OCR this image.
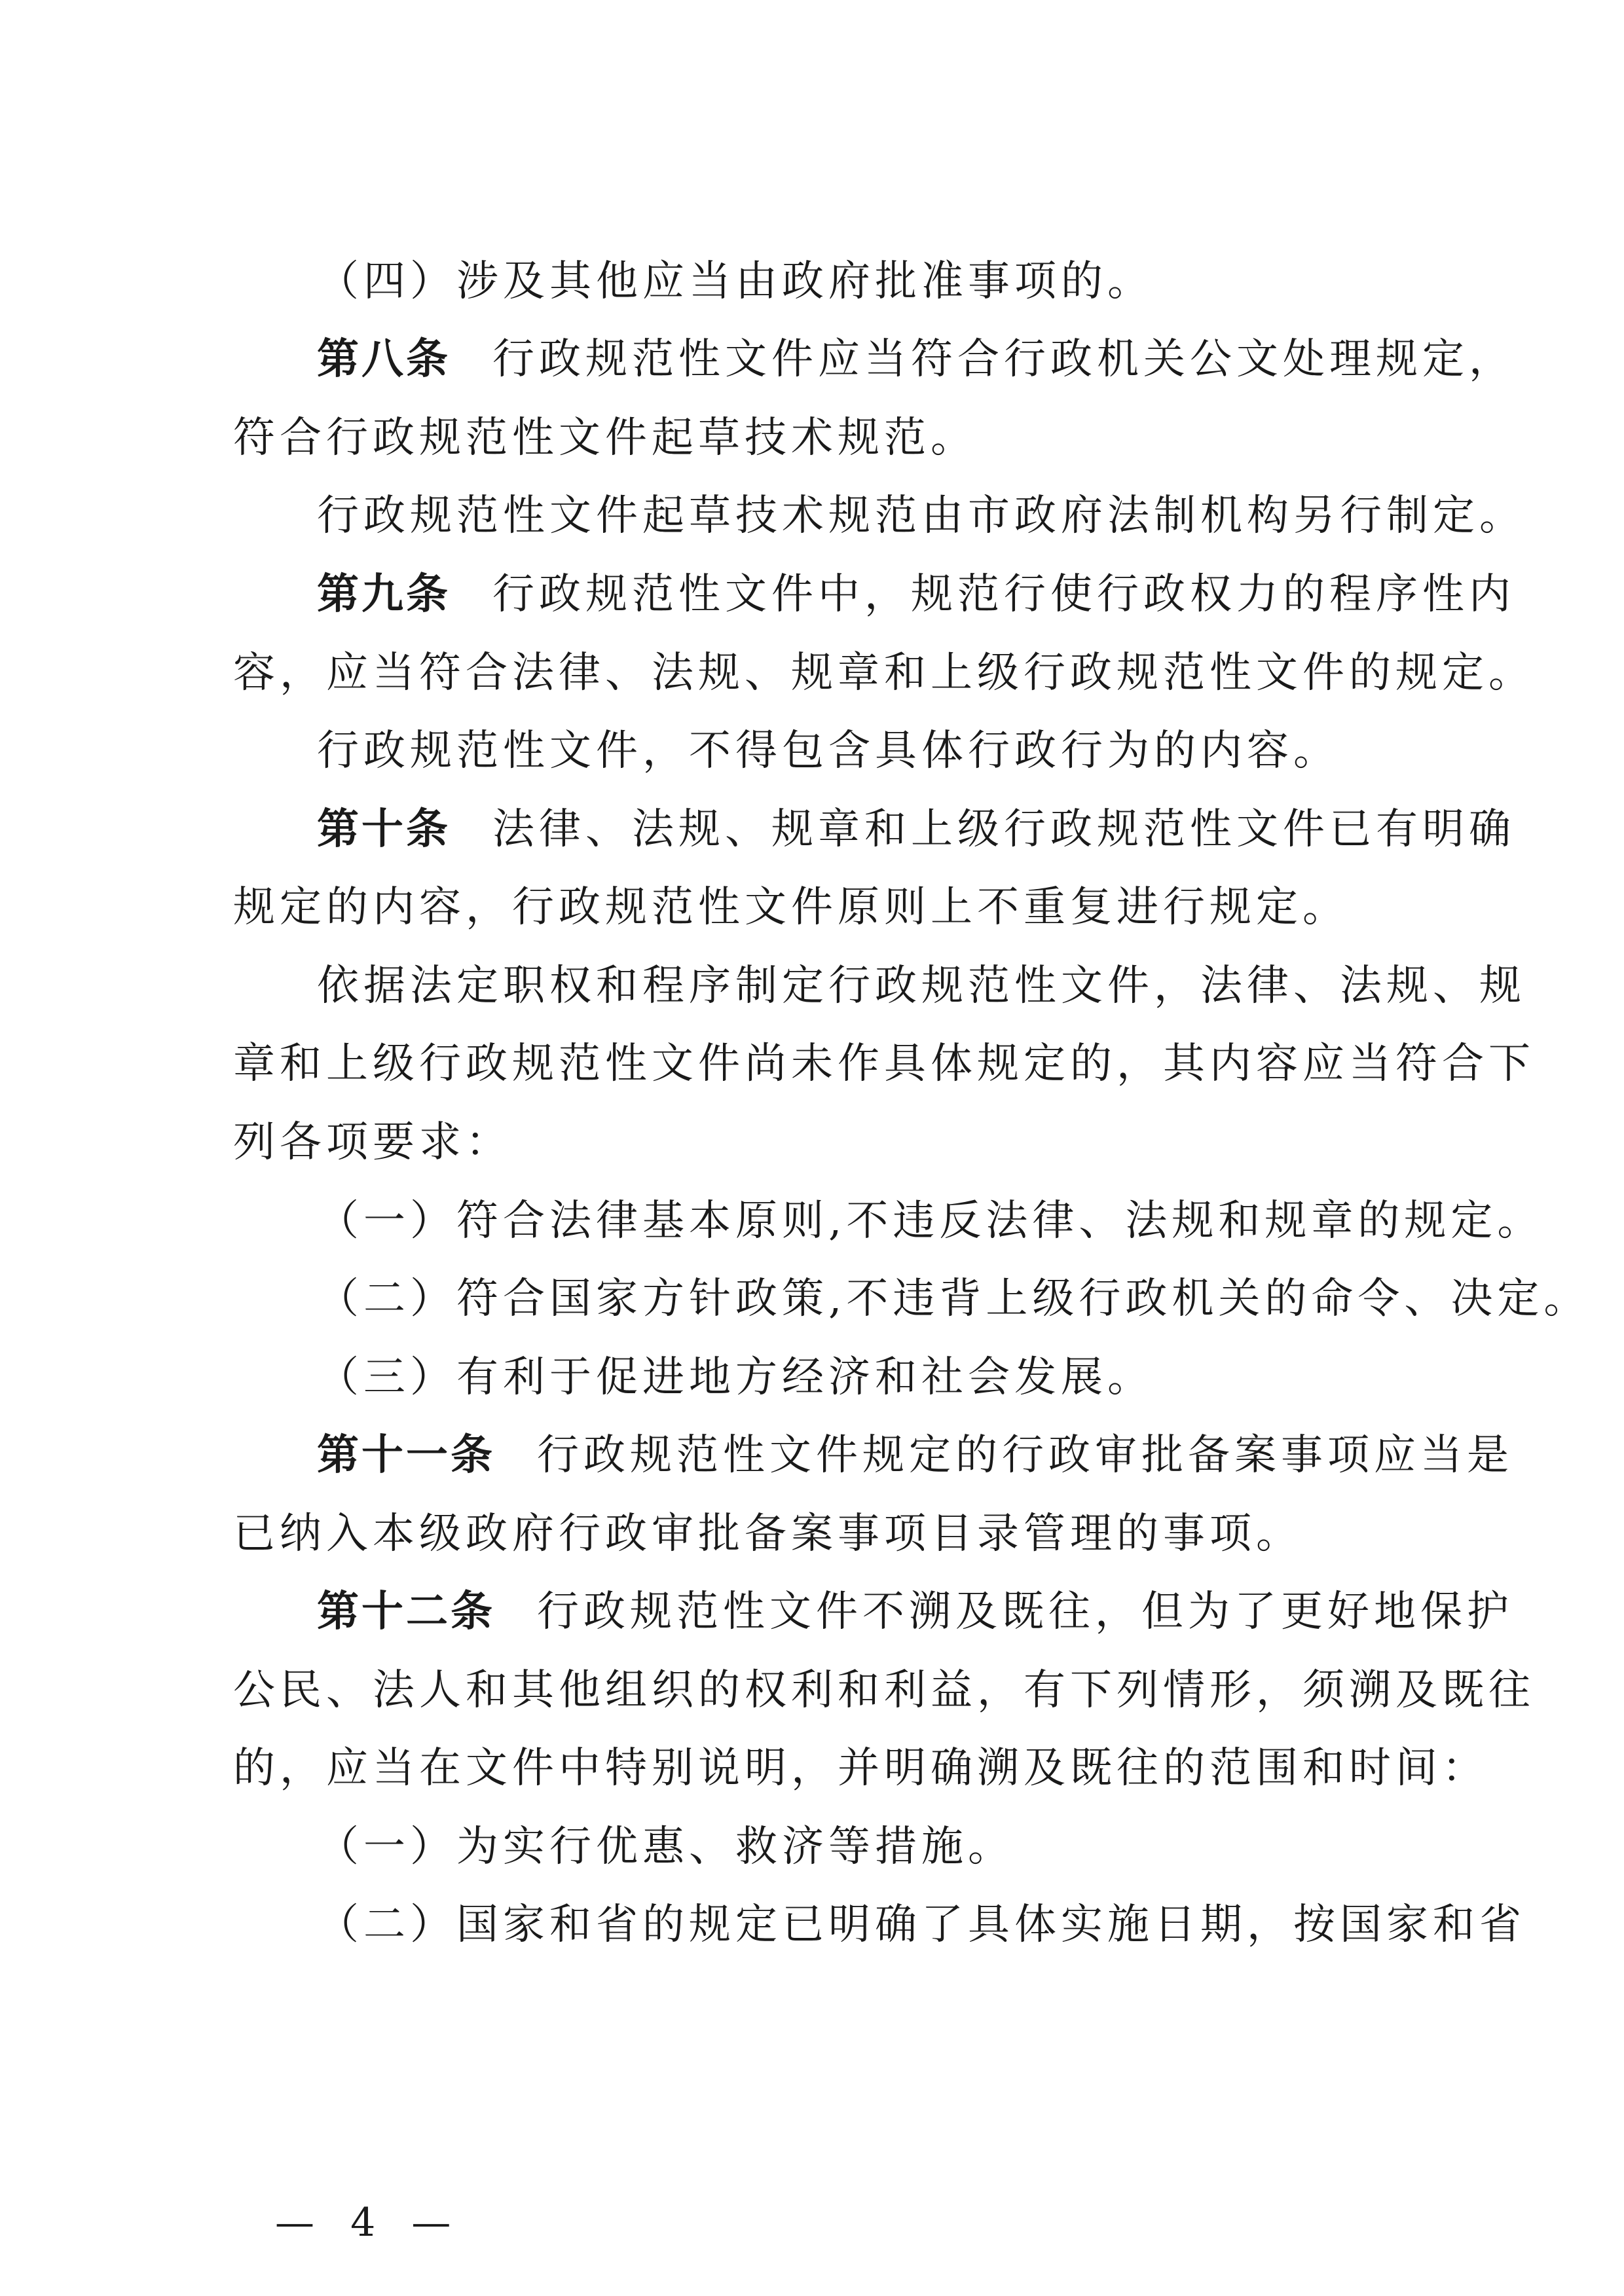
（四）涉及其他应当由政府批准事项的。
第八条 行政规范性文件应当符合行政机关公文处理规定，
符合行政规范性文件起草技术规范。
行政规范性文件起草技术规范由市政府法制机构另行制定。
第九条 行政规范性文件中，规范行使行政权力的程序性内
容，应当符合法律、法规、规章和上级行政规范性文件的规定。
行政规范性文件，不得包含具体行政行为的内容。
第十条 法律、法规、规章和上级行政规范性文件已有明确
规定的内容，行政规范性文件原则上不重复进行规定。
依据法定职权和程序制定行政规范性文件，法律、法规、规
章和上级行政规范性文件尚未作具体规定的，其内容应当符合下
列各项要求：
（一）符合法律基本原则,不违反法律、法规和规章的规定。
（二）符合国家方针政策,不违背上级行政机关的命令、决定。
（三）有利于促进地方经济和社会发展。
第十一条 行政规范性文件规定的行政审批备案事项应当是
已纳入本级政府行政审批备案事项目录管理的事项。
第十二条 行政规范性文件不溯及既往，但为了更好地保护
公民、法人和其他组织的权利和利益，有下列情形，须溯及既往
的，应当在文件中特别说明，并明确溯及既往的范围和时间：
（一）为实行优惠、救济等措施。
（二）国家和省的规定已明确了具体实施日期，按国家和省
— 4 —
